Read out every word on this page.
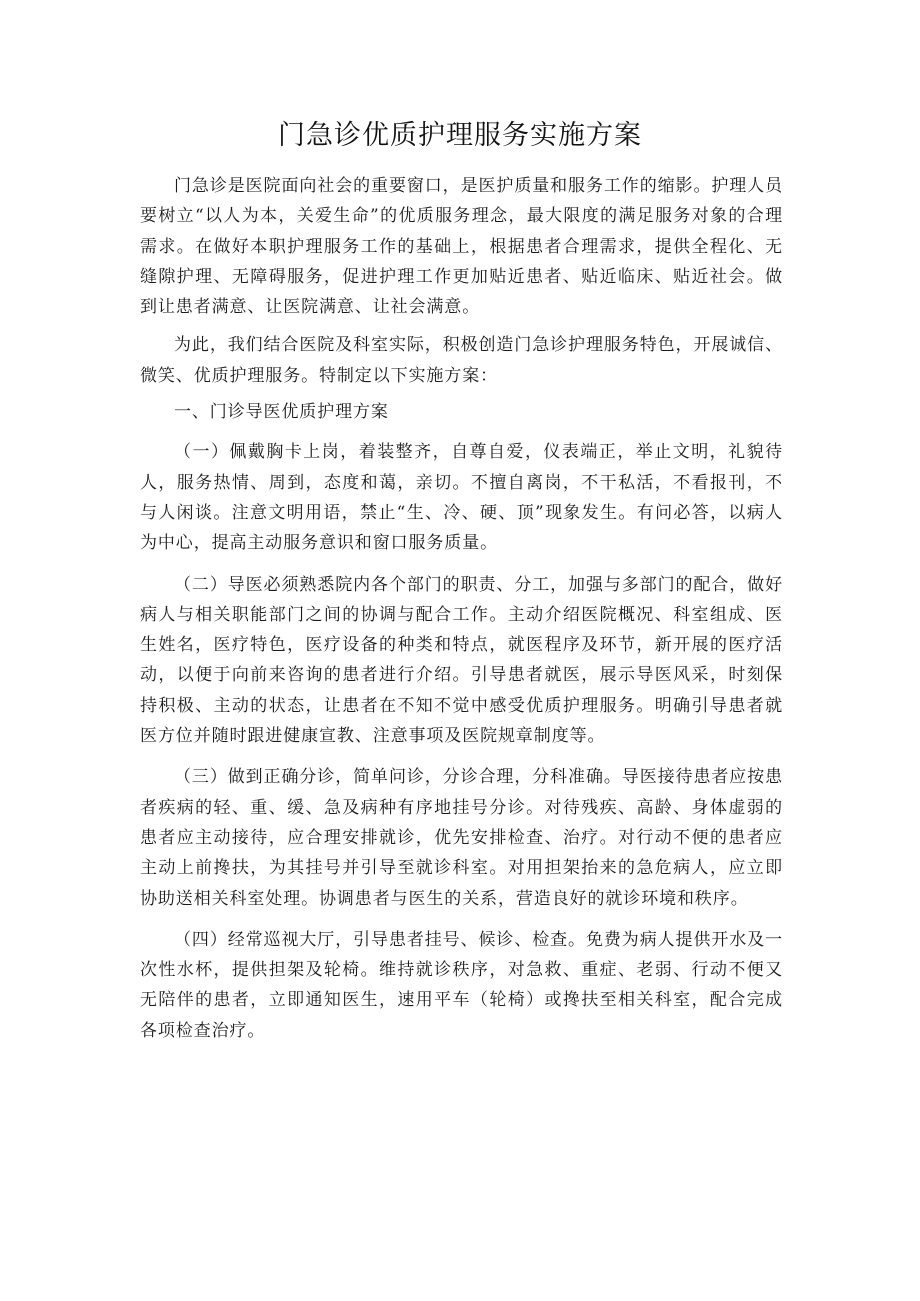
门急诊优质护理服务实施方案

门急诊是医院面向社会的重要窗口，是医护质量和服务工作的缩影。护理人员要树立“以人为本，关爱生命”的优质服务理念，最大限度的满足服务对象的合理需求。在做好本职护理服务工作的基础上，根据患者合理需求，提供全程化、无缝隙护理、无障碍服务，促进护理工作更加贴近患者、贴近临床、贴近社会。做到让患者满意、让医院满意、让社会满意。

为此，我们结合医院及科室实际，积极创造门急诊护理服务特色，开展诚信、微笑、优质护理服务。特制定以下实施方案：

一、门诊导医优质护理方案

（一）佩戴胸卡上岗，着装整齐，自尊自爱，仪表端正，举止文明，礼貌待人，服务热情、周到，态度和蔼，亲切。不擅自离岗，不干私活，不看报刊，不与人闲谈。注意文明用语，禁止“生、冷、硬、顶”现象发生。有问必答，以病人为中心，提高主动服务意识和窗口服务质量。

（二）导医必须熟悉院内各个部门的职责、分工，加强与多部门的配合，做好病人与相关职能部门之间的协调与配合工作。主动介绍医院概况、科室组成、医生姓名，医疗特色，医疗设备的种类和特点，就医程序及环节，新开展的医疗活动，以便于向前来咨询的患者进行介绍。引导患者就医，展示导医风采，时刻保持积极、主动的状态，让患者在不知不觉中感受优质护理服务。明确引导患者就医方位并随时跟进健康宣教、注意事项及医院规章制度等。

（三）做到正确分诊，简单问诊，分诊合理，分科准确。导医接待患者应按患者疾病的轻、重、缓、急及病种有序地挂号分诊。对待残疾、高龄、身体虚弱的患者应主动接待，应合理安排就诊，优先安排检查、治疗。对行动不便的患者应主动上前搀扶，为其挂号并引导至就诊科室。对用担架抬来的急危病人，应立即协助送相关科室处理。协调患者与医生的关系，营造良好的就诊环境和秩序。

（四）经常巡视大厅，引导患者挂号、候诊、检查。免费为病人提供开水及一次性水杯，提供担架及轮椅。维持就诊秩序，对急救、重症、老弱、行动不便又无陪伴的患者，立即通知医生，速用平车（轮椅）或搀扶至相关科室，配合完成各项检查治疗。
